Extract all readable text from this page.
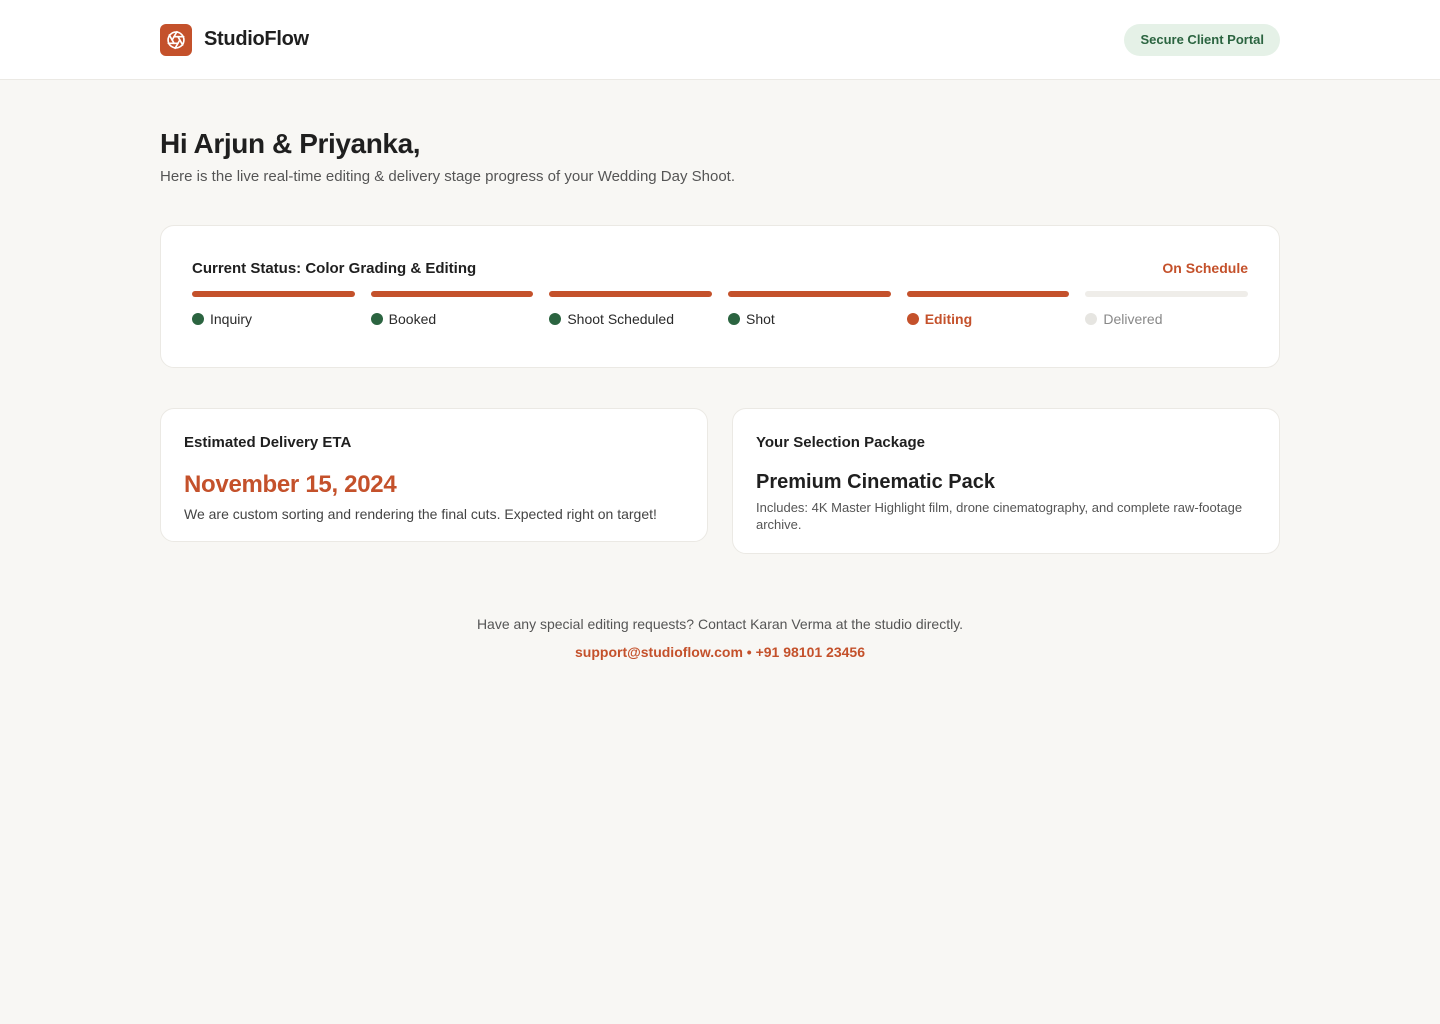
StudioFlow	Secure Client Portal
Hi Arjun & Priyanka,

Here is the live real-time editing & delivery stage progress of your Wedding Day Shoot.

Current Status: Color Grading & Editing	On Schedule
Inquiry	Booked	Shoot Scheduled	Shot	Editing	Delivered
Estimated Delivery ETA
November 15, 2024
We are custom sorting and rendering the final cuts. Expected right on target!
Your Selection Package
Premium Cinematic Pack
Includes: 4K Master Highlight film, drone cinematography, and complete raw-footage archive.

Have any special editing requests? Contact Karan Verma at the studio directly.

support@studioflow.com • +91 98101 23456
